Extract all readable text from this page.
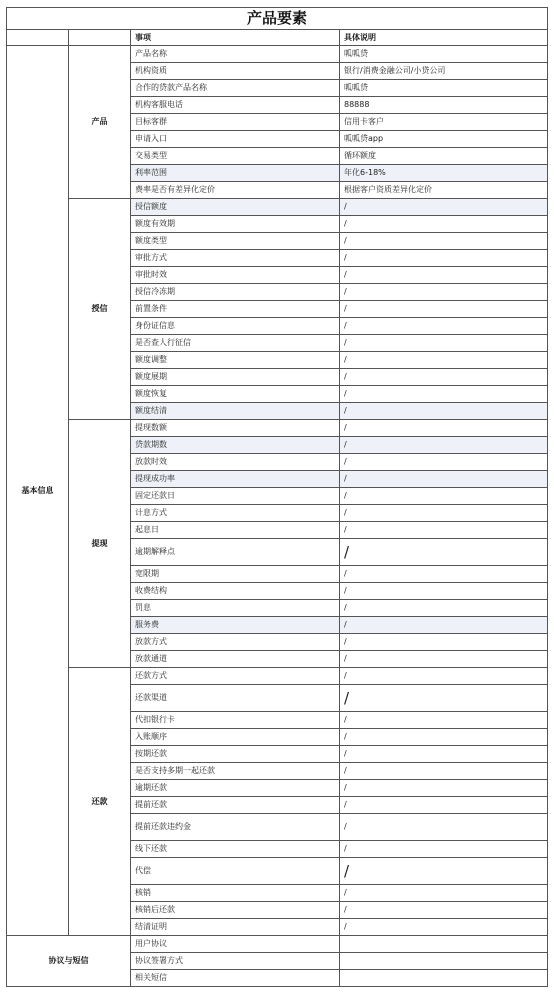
产品要素			
		事项	具体说明
基本信息	产品	产品名称	呱呱贷
		机构资质	银行/消费金融公司/小贷公司
		合作的贷款产品名称	呱呱贷
		机构客服电话	88888
		目标客群	信用卡客户
		申请入口	呱呱贷app
		交易类型	循环额度
		利率范围	年化6-18%
		费率是否有差异化定价	根据客户资质差异化定价
	授信	授信额度	/
		额度有效期	/
		额度类型	/
		审批方式	/
		审批时效	/
		授信冷冻期	/
		前置条件	/
		身份证信息	/
		是否查人行征信	/
		额度调整	/
		额度展期	/
		额度恢复	/
		额度结清	/
	提现	提现数额	/
		贷款期数	/
		放款时效	/
		提现成功率	/
		固定还款日	/
		计息方式	/
		起息日	/
		逾期解释点	/
		宽限期	/
		收费结构	/
		罚息	/
		服务费	/
		放款方式	/
		放款通道	/
	还款	还款方式	/
		还款渠道	/
		代扣银行卡	/
		入账顺序	/
		按期还款	/
		是否支持多期一起还款	/
		逾期还款	/
		提前还款	/
		提前还款违约金	/
		线下还款	/
		代偿	/
		核销	/
		核销后还款	/
		结清证明	/
协议与短信		用户协议	
		协议签署方式	
		相关短信	
